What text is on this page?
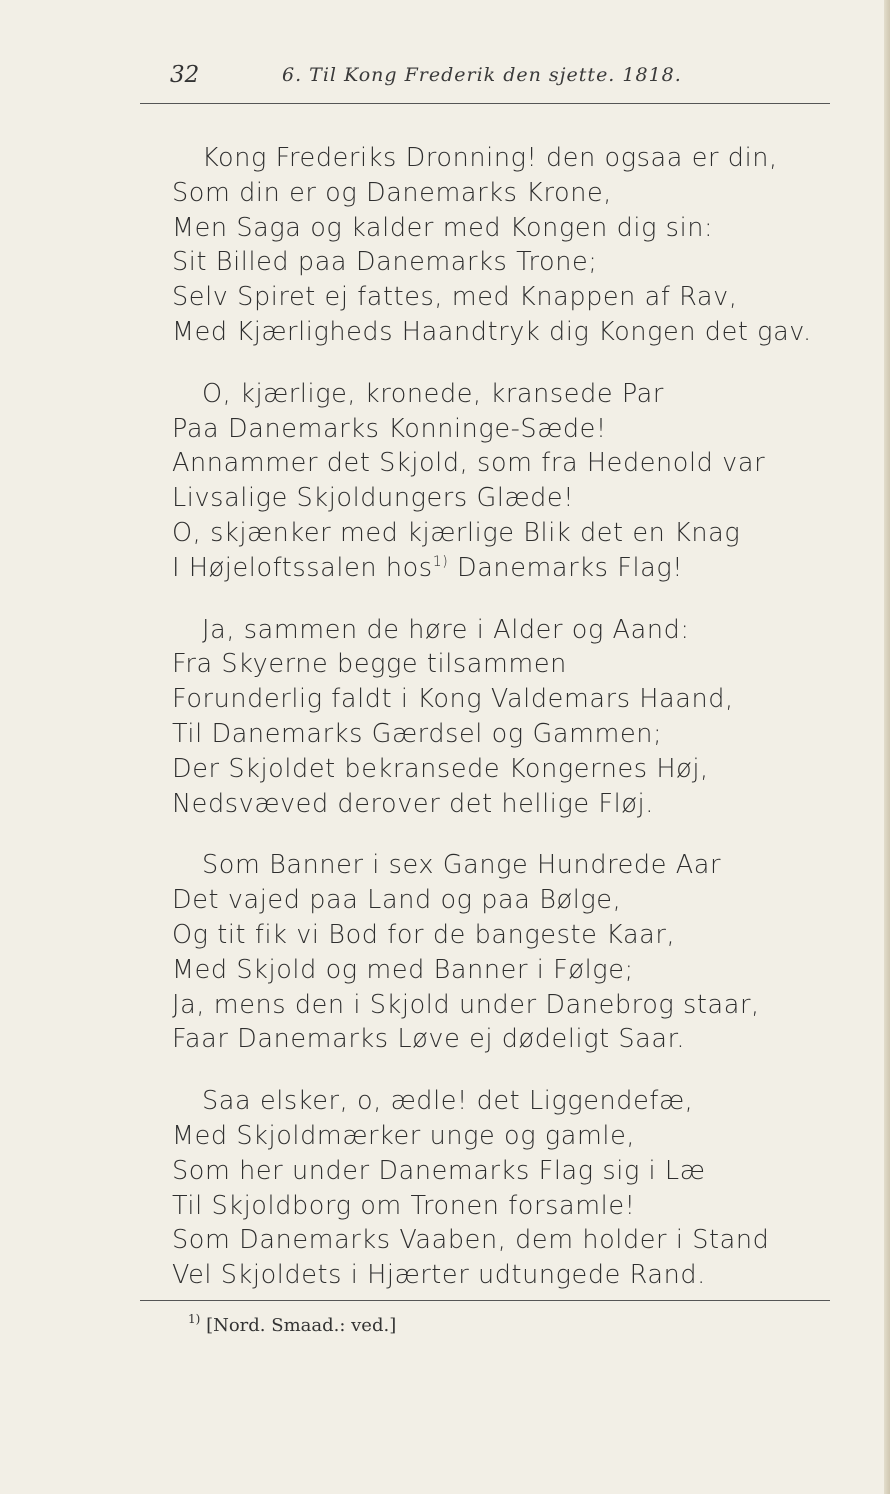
32	6. Til Kong Frederik den sjette. 1818.
Kong Frederiks Dronning! den ogsaa er din,
Som din er og Danemarks Krone,
Men Saga og kalder med Kongen dig sin:
Sit Billed paa Danemarks Trone;
Selv Spiret ej fattes, med Knappen af Rav,
Med Kjærligheds Haandtryk dig Kongen det gav.
O, kjærlige, kronede, kransede Par
Paa Danemarks Konninge-Sæde!
Annammer det Skjold, som fra Hedenold var
Livsalige Skjoldungers Glæde!
O, skjænker med kjærlige Blik det en Knag
I Højeloftssalen hos$^{1)}$ Danemarks Flag!
Ja, sammen de høre i Alder og Aand:
Fra Skyerne begge tilsammen
Forunderlig faldt i Kong Valdemars Haand,
Til Danemarks Gærdsel og Gammen;
Der Skjoldet bekransede Kongernes Høj,
Nedsvæved derover det hellige Fløj.
Som Banner i sex Gange Hundrede Aar
Det vajed paa Land og paa Bølge,
Og tit fik vi Bod for de bangeste Kaar,
Med Skjold og med Banner i Følge;
Ja, mens den i Skjold under Danebrog staar,
Faar Danemarks Løve ej dødeligt Saar.
Saa elsker, o, ædle! det Liggendefæ,
Med Skjoldmærker unge og gamle,
Som her under Danemarks Flag sig i Læ
Til Skjoldborg om Tronen forsamle!
Som Danemarks Vaaben, dem holder i Stand
Vel Skjoldets i Hjærter udtungede Rand.
$^{1)}$ [Nord. Smaad.: ved.]
